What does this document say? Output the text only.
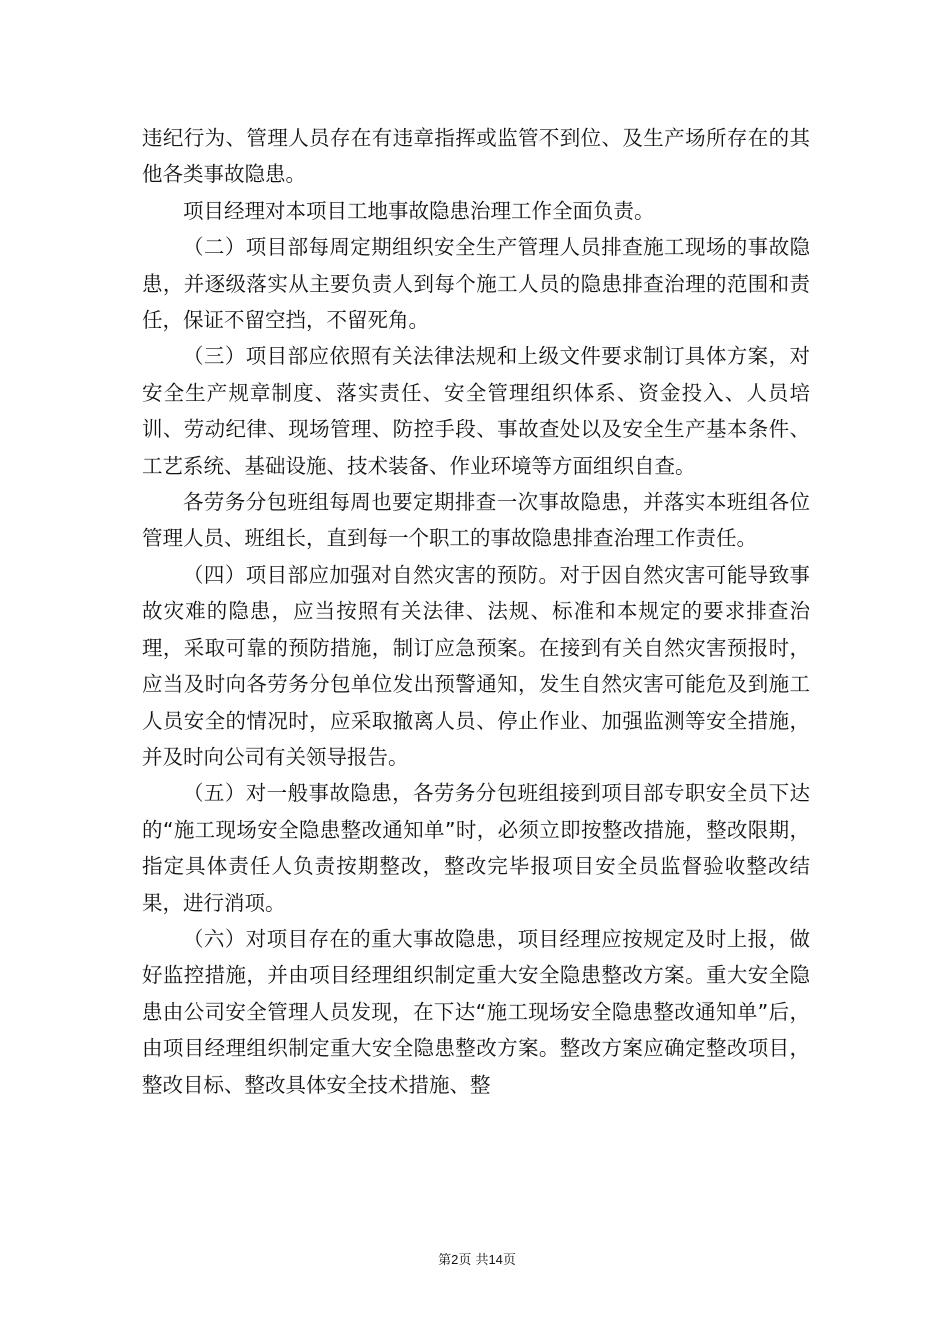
违纪行为、管理人员存在有违章指挥或监管不到位、及生产场所存在的其他各类事故隐患。

项目经理对本项目工地事故隐患治理工作全面负责。

（二）项目部每周定期组织安全生产管理人员排查施工现场的事故隐患，并逐级落实从主要负责人到每个施工人员的隐患排查治理的范围和责任，保证不留空挡，不留死角。

（三）项目部应依照有关法律法规和上级文件要求制订具体方案，对安全生产规章制度、落实责任、安全管理组织体系、资金投入、人员培训、劳动纪律、现场管理、防控手段、事故查处以及安全生产基本条件、工艺系统、基础设施、技术装备、作业环境等方面组织自查。

各劳务分包班组每周也要定期排查一次事故隐患，并落实本班组各位管理人员、班组长，直到每一个职工的事故隐患排查治理工作责任。

（四）项目部应加强对自然灾害的预防。对于因自然灾害可能导致事故灾难的隐患，应当按照有关法律、法规、标准和本规定的要求排查治理，采取可靠的预防措施，制订应急预案。在接到有关自然灾害预报时，应当及时向各劳务分包单位发出预警通知，发生自然灾害可能危及到施工人员安全的情况时，应采取撤离人员、停止作业、加强监测等安全措施，并及时向公司有关领导报告。

（五）对一般事故隐患，各劳务分包班组接到项目部专职安全员下达的“施工现场安全隐患整改通知单”时，必须立即按整改措施，整改限期，指定具体责任人负责按期整改，整改完毕报项目安全员监督验收整改结果，进行消项。

（六）对项目存在的重大事故隐患，项目经理应按规定及时上报，做好监控措施，并由项目经理组织制定重大安全隐患整改方案。重大安全隐患由公司安全管理人员发现，在下达“施工现场安全隐患整改通知单”后，由项目经理组织制定重大安全隐患整改方案。整改方案应确定整改项目，整改目标、整改具体安全技术措施、整

第2页 共14页
